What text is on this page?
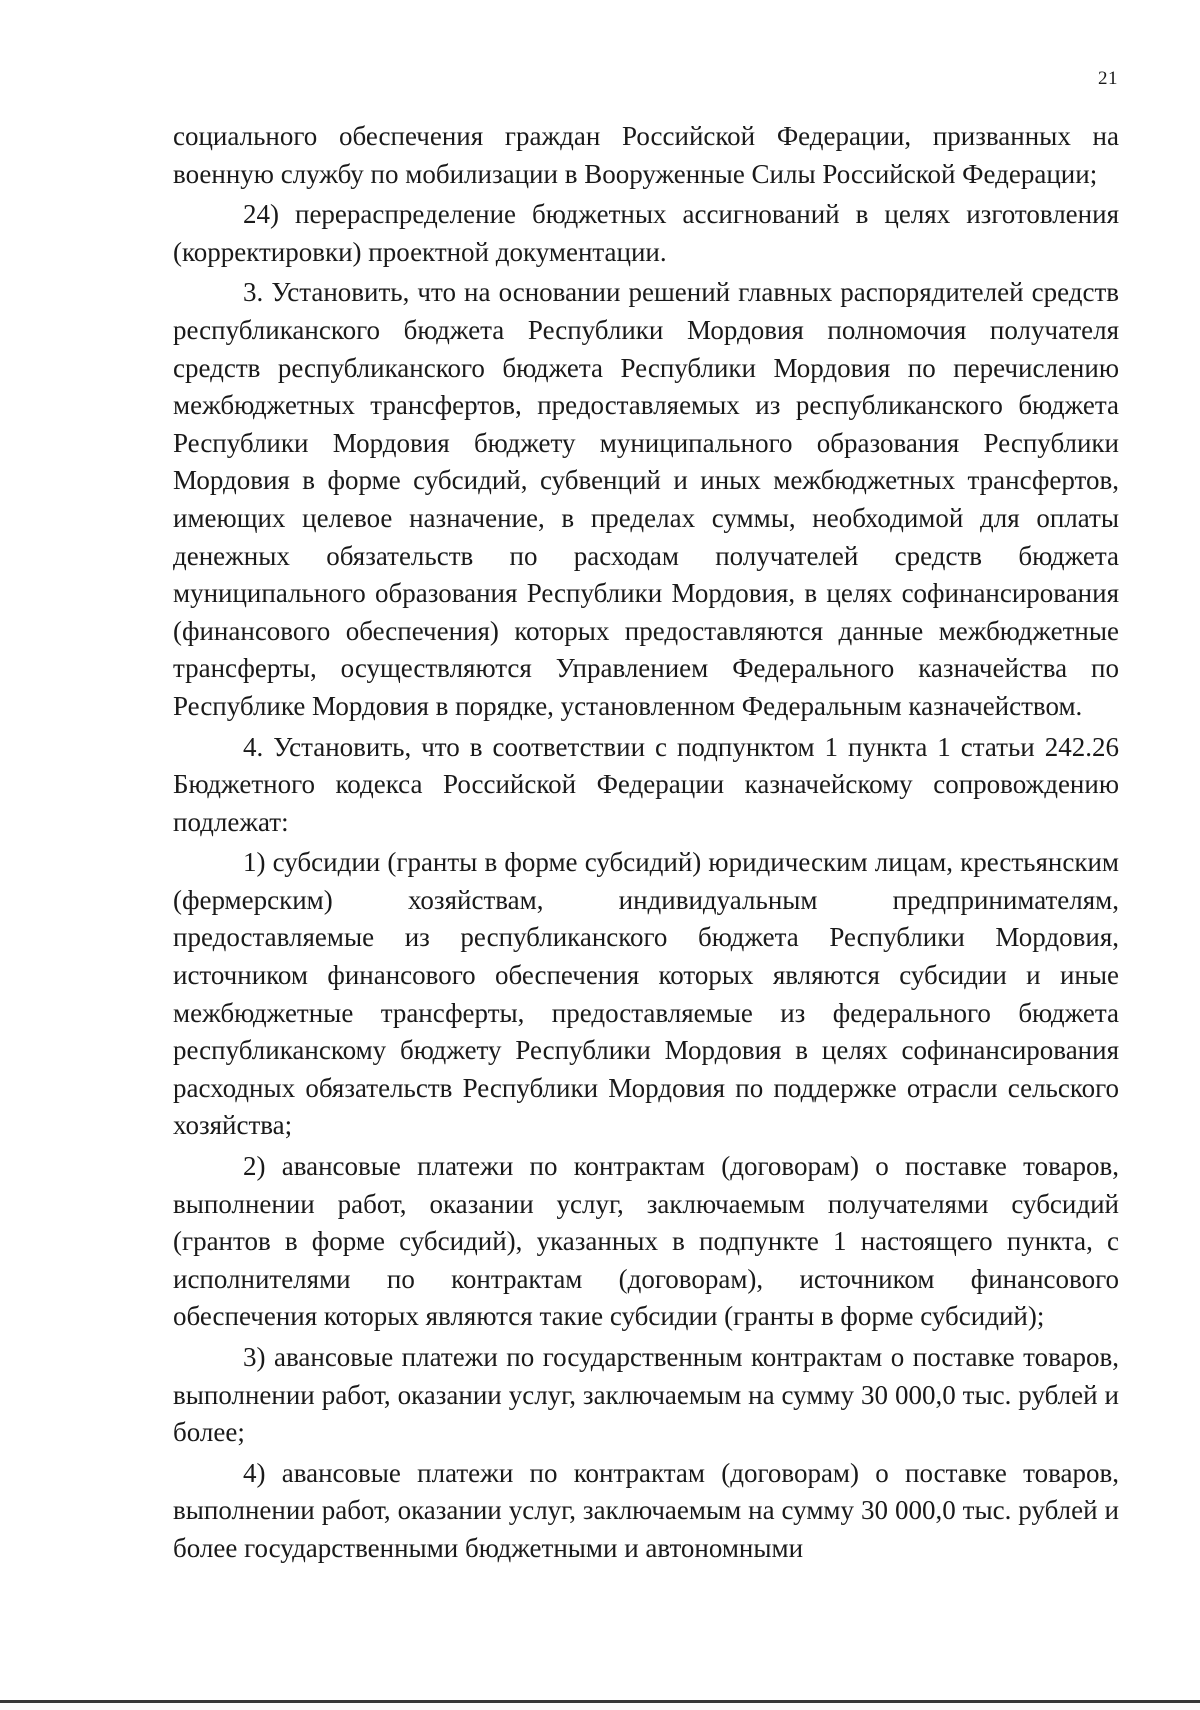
21

социального обеспечения граждан Российской Федерации, призванных на военную службу по мобилизации в Вооруженные Силы Российской Федерации;

24) перераспределение бюджетных ассигнований в целях изготовления (корректировки) проектной документации.

3. Установить, что на основании решений главных распорядителей средств республиканского бюджета Республики Мордовия полномочия получателя средств республиканского бюджета Республики Мордовия по перечислению межбюджетных трансфертов, предоставляемых из республиканского бюджета Республики Мордовия бюджету муниципального образования Республики Мордовия в форме субсидий, субвенций и иных межбюджетных трансфертов, имеющих целевое назначение, в пределах суммы, необходимой для оплаты денежных обязательств по расходам получателей средств бюджета муниципального образования Республики Мордовия, в целях софинансирования (финансового обеспечения) которых предоставляются данные межбюджетные трансферты, осуществляются Управлением Федерального казначейства по Республике Мордовия в порядке, установленном Федеральным казначейством.

4. Установить, что в соответствии с подпунктом 1 пункта 1 статьи 242.26 Бюджетного кодекса Российской Федерации казначейскому сопровождению подлежат:

1) субсидии (гранты в форме субсидий) юридическим лицам, крестьянским (фермерским) хозяйствам, индивидуальным предпринимателям, предоставляемые из республиканского бюджета Республики Мордовия, источником финансового обеспечения которых являются субсидии и иные межбюджетные трансферты, предоставляемые из федерального бюджета республиканскому бюджету Республики Мордовия в целях софинансирования расходных обязательств Республики Мордовия по поддержке отрасли сельского хозяйства;

2) авансовые платежи по контрактам (договорам) о поставке товаров, выполнении работ, оказании услуг, заключаемым получателями субсидий (грантов в форме субсидий), указанных в подпункте 1 настоящего пункта, с исполнителями по контрактам (договорам), источником финансового обеспечения которых являются такие субсидии (гранты в форме субсидий);

3) авансовые платежи по государственным контрактам о поставке товаров, выполнении работ, оказании услуг, заключаемым на сумму 30 000,0 тыс. рублей и более;

4) авансовые платежи по контрактам (договорам) о поставке товаров, выполнении работ, оказании услуг, заключаемым на сумму 30 000,0 тыс. рублей и более государственными бюджетными и автономными
